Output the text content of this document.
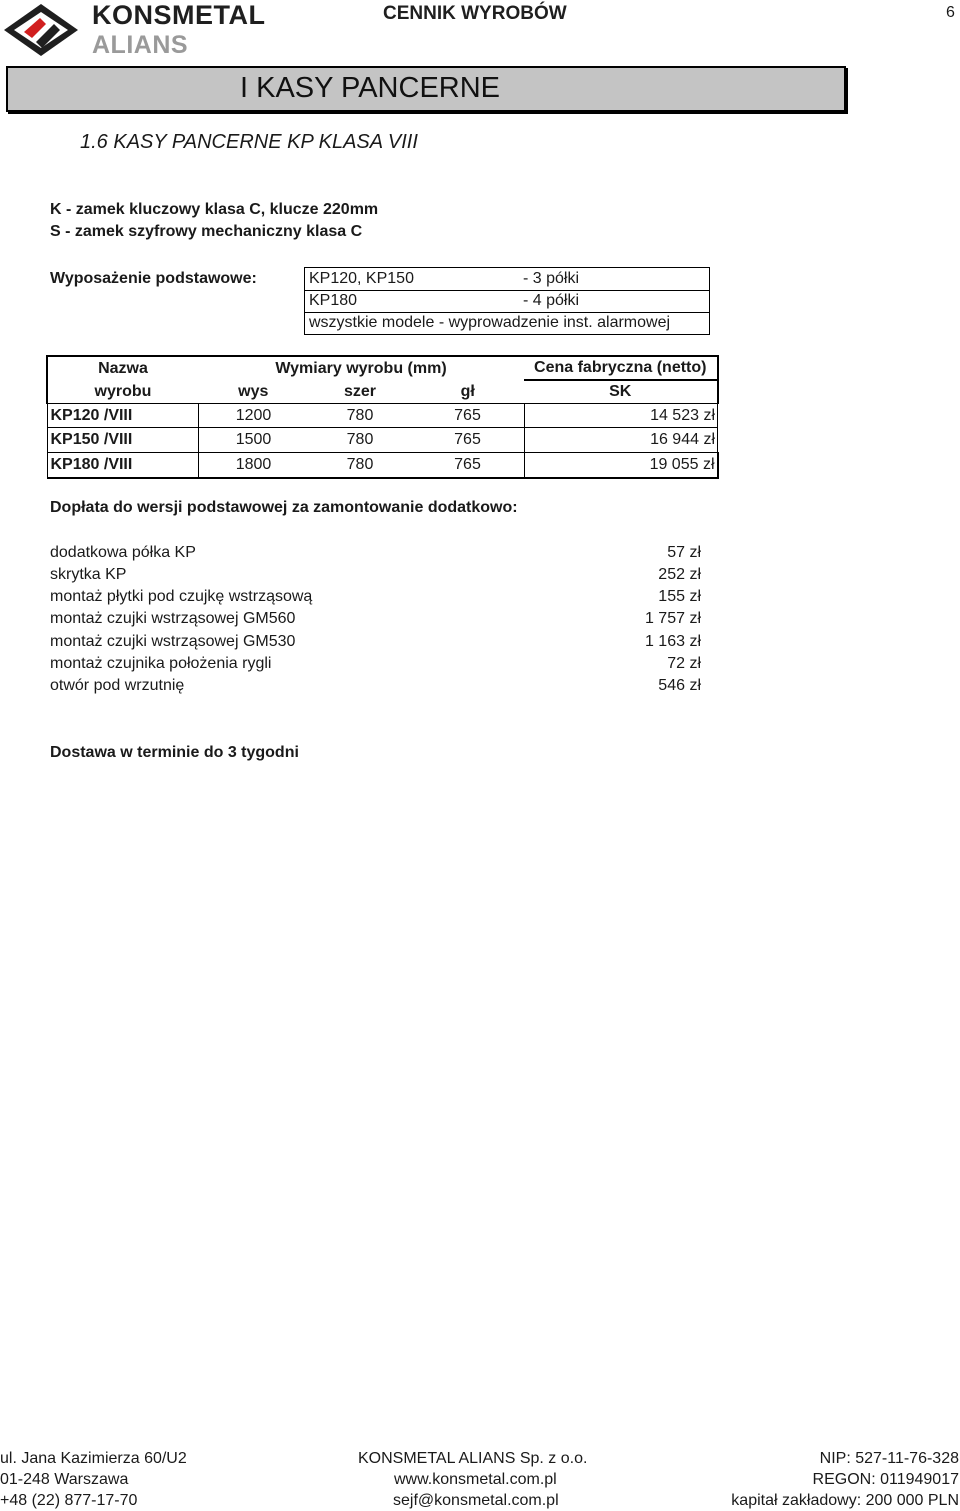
KONSMETAL
ALIANS
CENNIK WYROBÓW	6
I KASY PANCERNE
1.6 KASY PANCERNE KP KLASA VIII
K - zamek kluczowy klasa C, klucze 220mm
S - zamek szyfrowy mechaniczny klasa C
Wyposażenie podstawowe:	KP120, KP150	- 3 półki
KP180	- 4 półki
wszystkie modele - wyprowadzenie inst. alarmowej
Nazwa	Wymiary wyrobu (mm)			Cena fabryczna (netto)
wyrobu	wys	szer	gł	SK
KP120 /VIII	1200	780	765	14 523 zł
KP150 /VIII	1500	780	765	16 944 zł
KP180 /VIII	1800	780	765	19 055 zł
Dopłata do wersji podstawowej za zamontowanie dodatkowo:
dodatkowa półka KP	57 zł
skrytka KP	252 zł
montaż płytki pod czujkę wstrząsową	155 zł
montaż czujki wstrząsowej GM560	1 757 zł
montaż czujki wstrząsowej GM530	1 163 zł
montaż czujnika położenia rygli	72 zł
otwór pod wrzutnię	546 zł
Dostawa w terminie do 3 tygodni
ul. Jana Kazimierza 60/U2
01-248 Warszawa
+48 (22) 877-17-70
KONSMETAL ALIANS Sp. z o.o.
www.konsmetal.com.pl
sejf@konsmetal.com.pl
NIP: 527-11-76-328
REGON: 011949017
kapitał zakładowy: 200 000 PLN
